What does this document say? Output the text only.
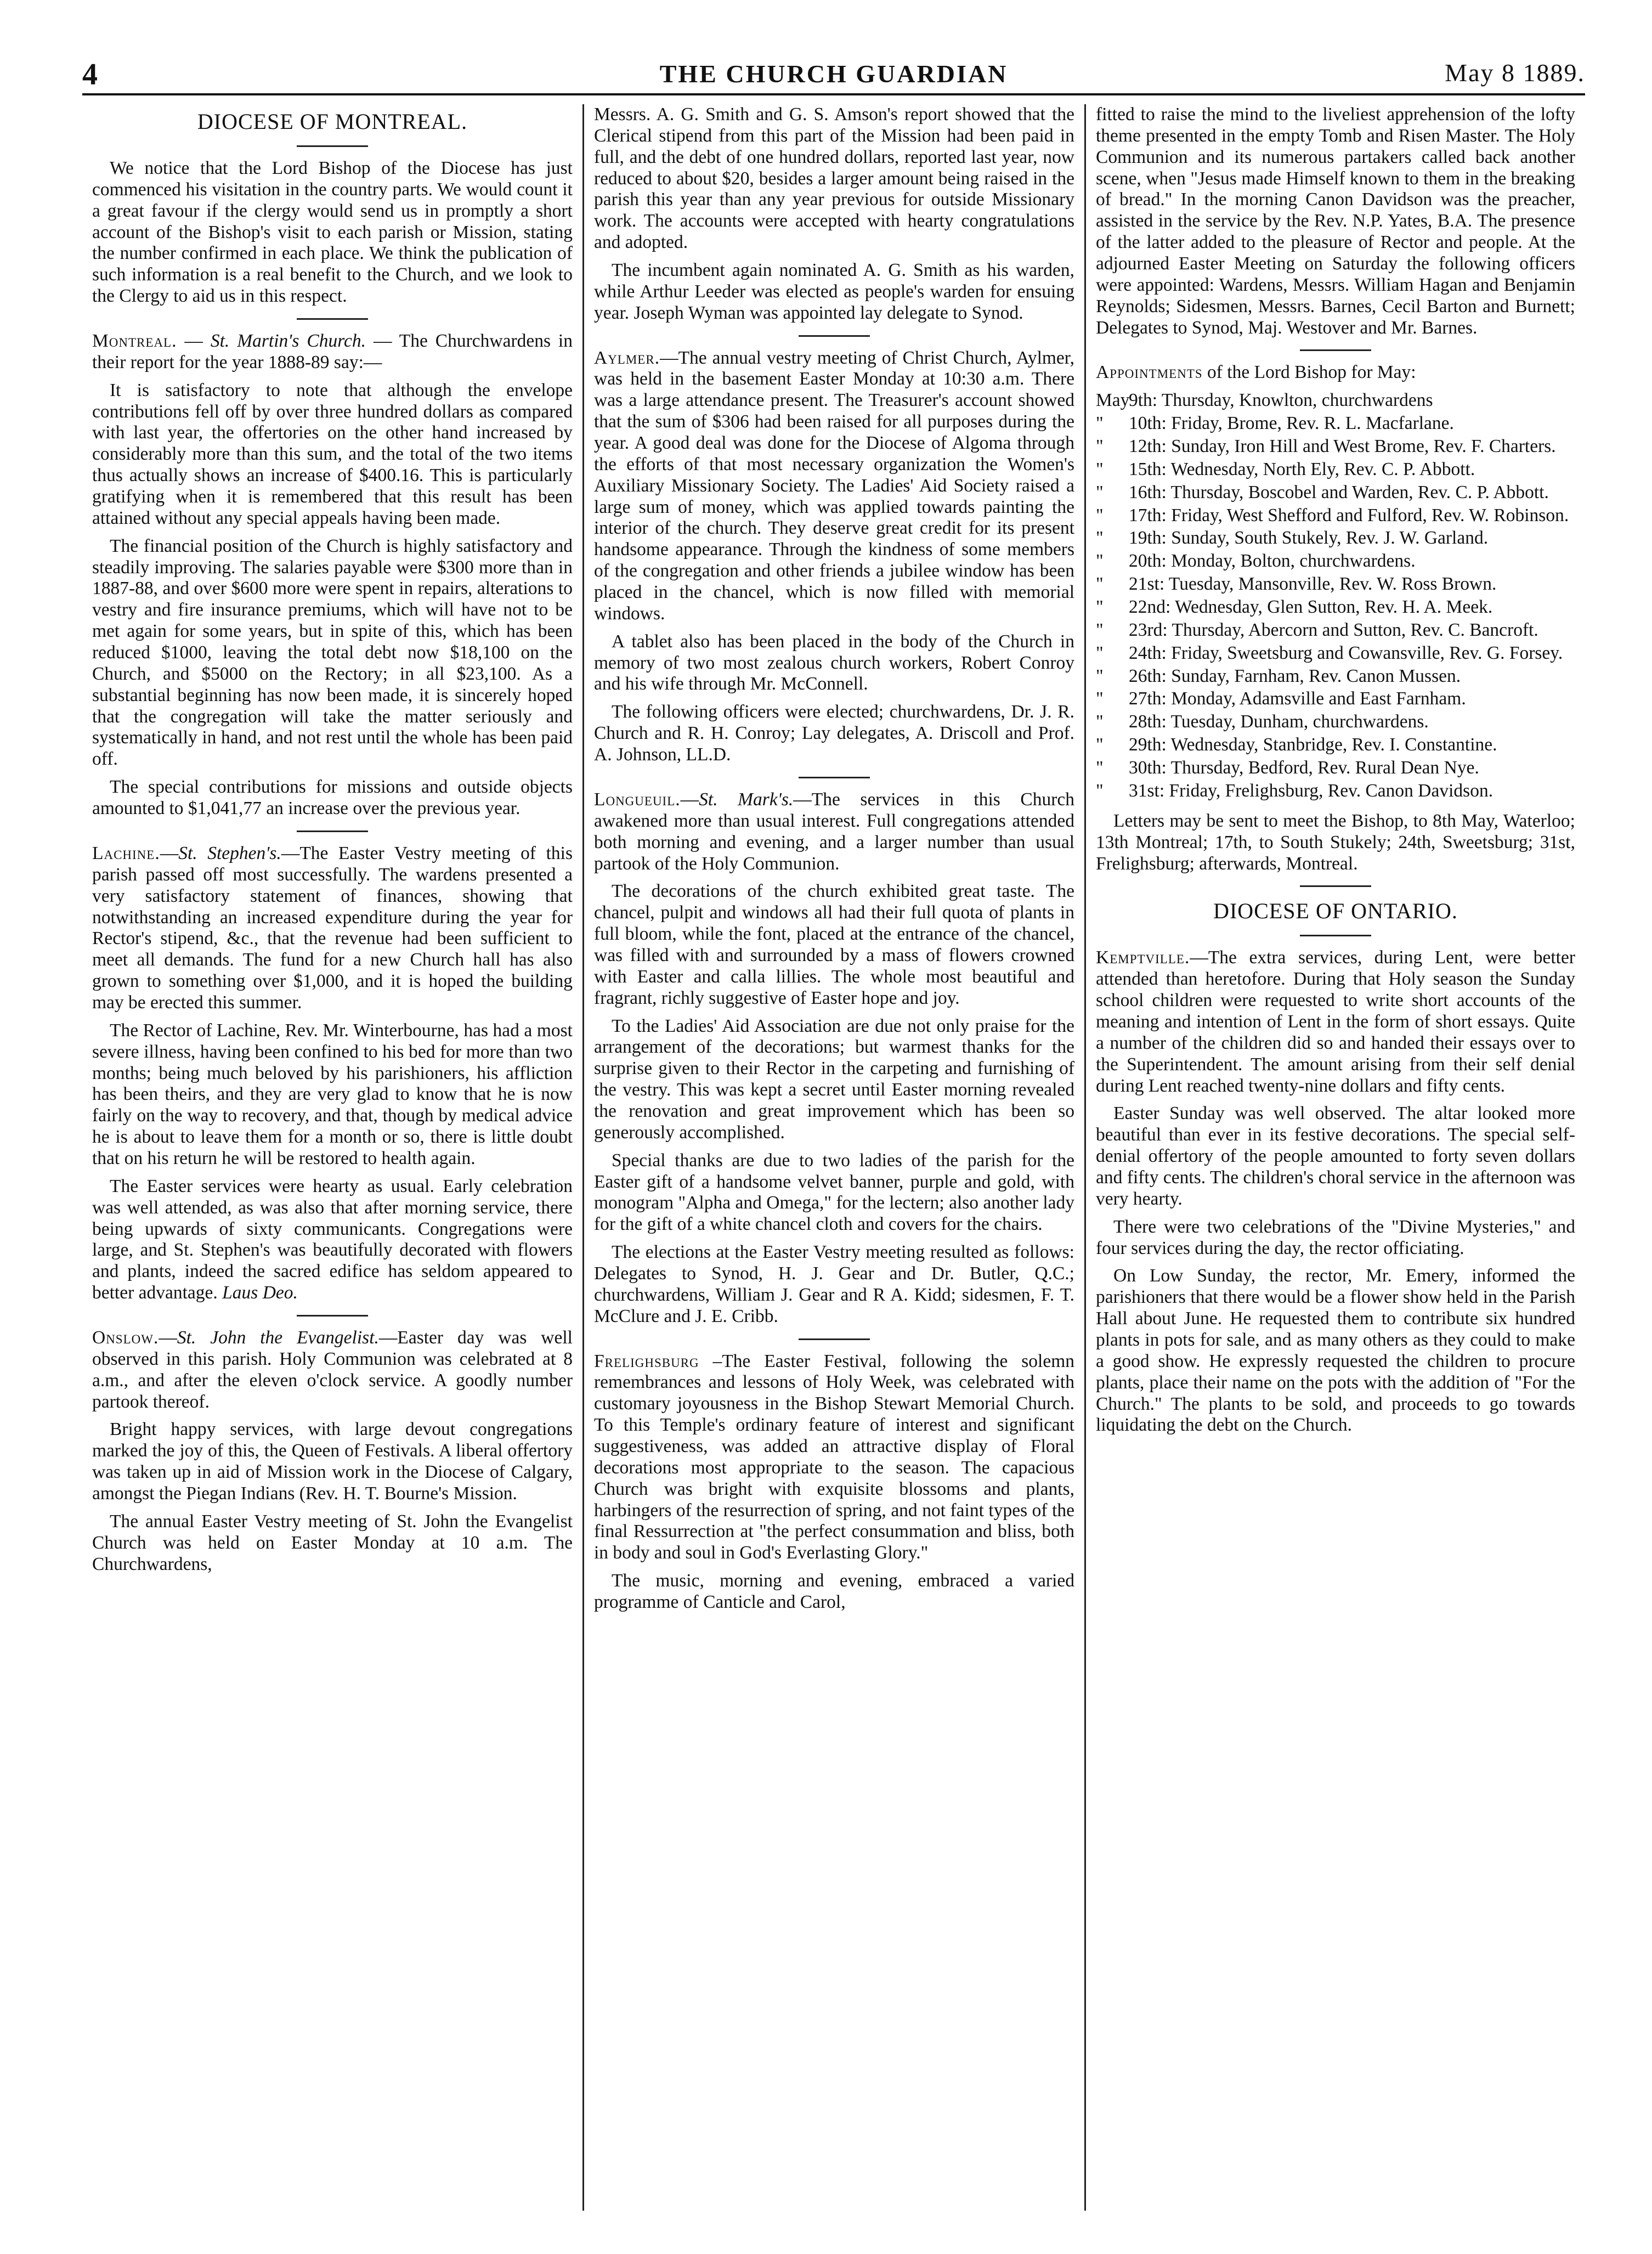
4	THE CHURCH GUARDIAN	May 8 1889.
DIOCESE OF MONTREAL.

We notice that the Lord Bishop of the Diocese has just commenced his visitation in the country parts. We would count it a great favour if the clergy would send us in promptly a short account of the Bishop's visit to each parish or Mission, stating the number confirmed in each place. We think the publication of such information is a real benefit to the Church, and we look to the Clergy to aid us in this respect.

Montreal. — St. Martin's Church. — The Churchwardens in their report for the year 1888-89 say:—

It is satisfactory to note that although the envelope contributions fell off by over three hundred dollars as compared with last year, the offertories on the other hand increased by considerably more than this sum, and the total of the two items thus actually shows an increase of $400.16. This is particularly gratifying when it is remembered that this result has been attained without any special appeals having been made.

The financial position of the Church is highly satisfactory and steadily improving. The salaries payable were $300 more than in 1887-88, and over $600 more were spent in repairs, alterations to vestry and fire insurance premiums, which will have not to be met again for some years, but in spite of this, which has been reduced $1000, leaving the total debt now $18,100 on the Church, and $5000 on the Rectory; in all $23,100. As a substantial beginning has now been made, it is sincerely hoped that the congregation will take the matter seriously and systematically in hand, and not rest until the whole has been paid off.

The special contributions for missions and outside objects amounted to $1,041,77 an increase over the previous year.

Lachine.—St. Stephen's.—The Easter Vestry meeting of this parish passed off most successfully. The wardens presented a very satisfactory statement of finances, showing that notwithstanding an increased expenditure during the year for Rector's stipend, &c., that the revenue had been sufficient to meet all demands. The fund for a new Church hall has also grown to something over $1,000, and it is hoped the building may be erected this summer.

The Rector of Lachine, Rev. Mr. Winterbourne, has had a most severe illness, having been confined to his bed for more than two months; being much beloved by his parishioners, his affliction has been theirs, and they are very glad to know that he is now fairly on the way to recovery, and that, though by medical advice he is about to leave them for a month or so, there is little doubt that on his return he will be restored to health again.

The Easter services were hearty as usual. Early celebration was well attended, as was also that after morning service, there being upwards of sixty communicants. Congregations were large, and St. Stephen's was beautifully decorated with flowers and plants, indeed the sacred edifice has seldom appeared to better advantage. Laus Deo.

Onslow.—St. John the Evangelist.—Easter day was well observed in this parish. Holy Communion was celebrated at 8 a.m., and after the eleven o'clock service. A goodly number partook thereof.

Bright happy services, with large devout congregations marked the joy of this, the Queen of Festivals. A liberal offertory was taken up in aid of Mission work in the Diocese of Calgary, amongst the Piegan Indians (Rev. H. T. Bourne's Mission.

The annual Easter Vestry meeting of St. John the Evangelist Church was held on Easter Monday at 10 a.m. The Churchwardens,

Messrs. A. G. Smith and G. S. Amson's report showed that the Clerical stipend from this part of the Mission had been paid in full, and the debt of one hundred dollars, reported last year, now reduced to about $20, besides a larger amount being raised in the parish this year than any year previous for outside Missionary work. The accounts were accepted with hearty congratulations and adopted.

The incumbent again nominated A. G. Smith as his warden, while Arthur Leeder was elected as people's warden for ensuing year. Joseph Wyman was appointed lay delegate to Synod.

Aylmer.—The annual vestry meeting of Christ Church, Aylmer, was held in the basement Easter Monday at 10:30 a.m. There was a large attendance present. The Treasurer's account showed that the sum of $306 had been raised for all purposes during the year. A good deal was done for the Diocese of Algoma through the efforts of that most necessary organization the Women's Auxiliary Missionary Society. The Ladies' Aid Society raised a large sum of money, which was applied towards painting the interior of the church. They deserve great credit for its present handsome appearance. Through the kindness of some members of the congregation and other friends a jubilee window has been placed in the chancel, which is now filled with memorial windows.

A tablet also has been placed in the body of the Church in memory of two most zealous church workers, Robert Conroy and his wife through Mr. McConnell.

The following officers were elected; churchwardens, Dr. J. R. Church and R. H. Conroy; Lay delegates, A. Driscoll and Prof. A. Johnson, LL.D.

Longueuil.—St. Mark's.—The services in this Church awakened more than usual interest. Full congregations attended both morning and evening, and a larger number than usual partook of the Holy Communion.

The decorations of the church exhibited great taste. The chancel, pulpit and windows all had their full quota of plants in full bloom, while the font, placed at the entrance of the chancel, was filled with and surrounded by a mass of flowers crowned with Easter and calla lillies. The whole most beautiful and fragrant, richly suggestive of Easter hope and joy.

To the Ladies' Aid Association are due not only praise for the arrangement of the decorations; but warmest thanks for the surprise given to their Rector in the carpeting and furnishing of the vestry. This was kept a secret until Easter morning revealed the renovation and great improvement which has been so generously accomplished.

Special thanks are due to two ladies of the parish for the Easter gift of a handsome velvet banner, purple and gold, with monogram "Alpha and Omega," for the lectern; also another lady for the gift of a white chancel cloth and covers for the chairs.

The elections at the Easter Vestry meeting resulted as follows: Delegates to Synod, H. J. Gear and Dr. Butler, Q.C.; churchwardens, William J. Gear and R A. Kidd; sidesmen, F. T. McClure and J. E. Cribb.

Frelighsburg –The Easter Festival, following the solemn remembrances and lessons of Holy Week, was celebrated with customary joyousness in the Bishop Stewart Memorial Church. To this Temple's ordinary feature of interest and significant suggestiveness, was added an attractive display of Floral decorations most appropriate to the season. The capacious Church was bright with exquisite blossoms and plants, harbingers of the resurrection of spring, and not faint types of the final Ressurrection at "the perfect consummation and bliss, both in body and soul in God's Everlasting Glory."

The music, morning and evening, embraced a varied programme of Canticle and Carol,

fitted to raise the mind to the liveliest apprehension of the lofty theme presented in the empty Tomb and Risen Master. The Holy Communion and its numerous partakers called back another scene, when "Jesus made Himself known to them in the breaking of bread." In the morning Canon Davidson was the preacher, assisted in the service by the Rev. N.P. Yates, B.A. The presence of the latter added to the pleasure of Rector and people. At the adjourned Easter Meeting on Saturday the following officers were appointed: Wardens, Messrs. William Hagan and Benjamin Reynolds; Sidesmen, Messrs. Barnes, Cecil Barton and Burnett; Delegates to Synod, Maj. Westover and Mr. Barnes.

Appointments of the Lord Bishop for May:

May9th: Thursday, Knowlton, churchwardens
" 10th: Friday, Brome, Rev. R. L. Macfarlane.
" 12th: Sunday, Iron Hill and West Brome, Rev. F. Charters.
" 15th: Wednesday, North Ely, Rev. C. P. Abbott.
" 16th: Thursday, Boscobel and Warden, Rev. C. P. Abbott.
" 17th: Friday, West Shefford and Fulford, Rev. W. Robinson.
" 19th: Sunday, South Stukely, Rev. J. W. Garland.
" 20th: Monday, Bolton, churchwardens.
" 21st: Tuesday, Mansonville, Rev. W. Ross Brown.
" 22nd: Wednesday, Glen Sutton, Rev. H. A. Meek.
" 23rd: Thursday, Abercorn and Sutton, Rev. C. Bancroft.
" 24th: Friday, Sweetsburg and Cowansville, Rev. G. Forsey.
" 26th: Sunday, Farnham, Rev. Canon Mussen.
" 27th: Monday, Adamsville and East Farnham.
" 28th: Tuesday, Dunham, churchwardens.
" 29th: Wednesday, Stanbridge, Rev. I. Constantine.
" 30th: Thursday, Bedford, Rev. Rural Dean Nye.
" 31st: Friday, Frelighsburg, Rev. Canon Davidson.

Letters may be sent to meet the Bishop, to 8th May, Waterloo; 13th Montreal; 17th, to South Stukely; 24th, Sweetsburg; 31st, Frelighsburg; afterwards, Montreal.

DIOCESE OF ONTARIO.

Kemptville.—The extra services, during Lent, were better attended than heretofore. During that Holy season the Sunday school children were requested to write short accounts of the meaning and intention of Lent in the form of short essays. Quite a number of the children did so and handed their essays over to the Superintendent. The amount arising from their self denial during Lent reached twenty-nine dollars and fifty cents.

Easter Sunday was well observed. The altar looked more beautiful than ever in its festive decorations. The special self-denial offertory of the people amounted to forty seven dollars and fifty cents. The children's choral service in the afternoon was very hearty.

There were two celebrations of the "Divine Mysteries," and four services during the day, the rector officiating.

On Low Sunday, the rector, Mr. Emery, informed the parishioners that there would be a flower show held in the Parish Hall about June. He requested them to contribute six hundred plants in pots for sale, and as many others as they could to make a good show. He expressly requested the children to procure plants, place their name on the pots with the addition of "For the Church." The plants to be sold, and proceeds to go towards liquidating the debt on the Church.
